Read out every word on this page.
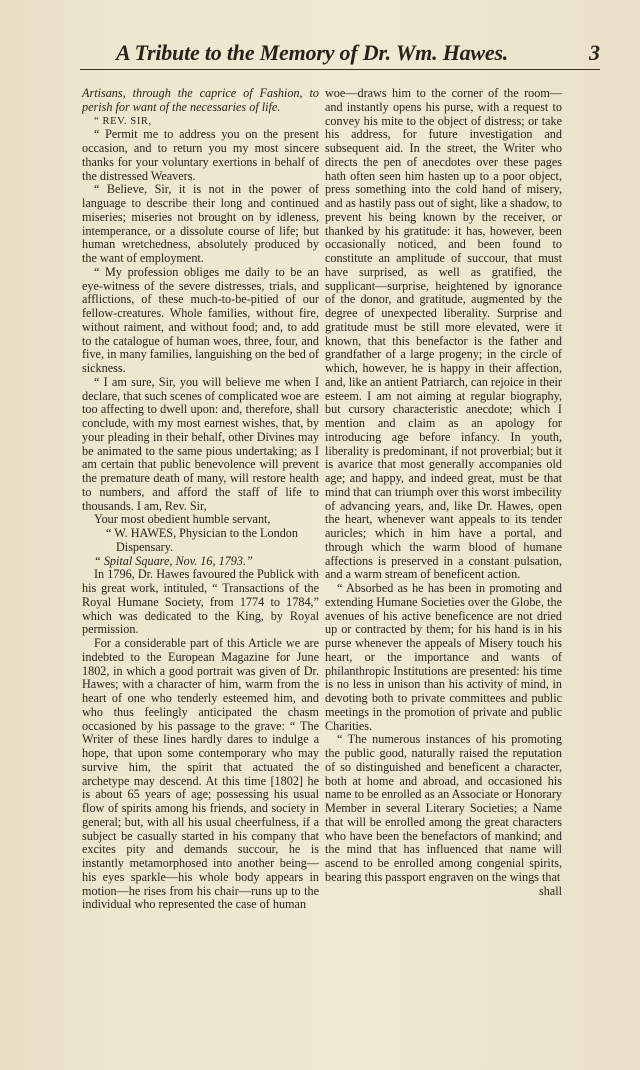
A Tribute to the Memory of Dr. Wm. Hawes.	3

Artisans, through the caprice of Fashion, to perish for want of the necessaries of life.

“ REV. SIR,

“ Permit me to address you on the present occasion, and to return you my most sincere thanks for your voluntary exertions in behalf of the distressed Weavers.

“ Believe, Sir, it is not in the power of language to describe their long and continued miseries; miseries not brought on by idleness, intemperance, or a dissolute course of life; but human wretchedness, absolutely produced by the want of employment.

“ My profession obliges me daily to be an eye-witness of the severe distresses, trials, and afflictions, of these much-to-be-pitied of our fellow-creatures. Whole families, without fire, without raiment, and without food; and, to add to the catalogue of human woes, three, four, and five, in many families, languishing on the bed of sickness.

“ I am sure, Sir, you will believe me when I declare, that such scenes of complicated woe are too affecting to dwell upon: and, therefore, shall conclude, with my most earnest wishes, that, by your pleading in their behalf, other Divines may be animated to the same pious undertaking; as I am certain that public benevolence will prevent the premature death of many, will restore health to numbers, and afford the staff of life to thousands. I am, Rev. Sir,

Your most obedient humble servant,

“ W. HAWES, Physician to the London Dispensary.

“ Spital Square, Nov. 16, 1793.”

In 1796, Dr. Hawes favoured the Publick with his great work, intituled, “ Transactions of the Royal Humane Society, from 1774 to 1784,” which was dedicated to the King, by Royal permission.

For a considerable part of this Article we are indebted to the European Magazine for June 1802, in which a good portrait was given of Dr. Hawes; with a character of him, warm from the heart of one who tenderly esteemed him, and who thus feelingly anticipated the chasm occasioned by his passage to the grave: “ The Writer of these lines hardly dares to indulge a hope, that upon some contemporary who may survive him, the spirit that actuated the archetype may descend. At this time [1802] he is about 65 years of age; possessing his usual flow of spirits among his friends, and society in general; but, with all his usual cheerfulness, if a subject be casually started in his company that excites pity and demands succour, he is instantly metamorphosed into another being—his eyes sparkle—his whole body appears in motion—he rises from his chair—runs up to the individual who represented the case of human

woe—draws him to the corner of the room—and instantly opens his purse, with a request to convey his mite to the object of distress; or take his address, for future investigation and subsequent aid. In the street, the Writer who directs the pen of anecdotes over these pages hath often seen him hasten up to a poor object, press something into the cold hand of misery, and as hastily pass out of sight, like a shadow, to prevent his being known by the receiver, or thanked by his gratitude: it has, however, been occasionally noticed, and been found to constitute an amplitude of succour, that must have surprised, as well as gratified, the supplicant—surprise, heightened by ignorance of the donor, and gratitude, augmented by the degree of unexpected liberality. Surprise and gratitude must be still more elevated, were it known, that this benefactor is the father and grandfather of a large progeny; in the circle of which, however, he is happy in their affection, and, like an antient Patriarch, can rejoice in their esteem. I am not aiming at regular biography, but cursory characteristic anecdote; which I mention and claim as an apology for introducing age before infancy. In youth, liberality is predominant, if not proverbial; but it is avarice that most generally accompanies old age; and happy, and indeed great, must be that mind that can triumph over this worst imbecility of advancing years, and, like Dr. Hawes, open the heart, whenever want appeals to its tender auricles; which in him have a portal, and through which the warm blood of humane affections is preserved in a constant pulsation, and a warm stream of beneficent action.

“ Absorbed as he has been in promoting and extending Humane Societies over the Globe, the avenues of his active beneficence are not dried up or contracted by them; for his hand is in his purse whenever the appeals of Misery touch his heart, or the importance and wants of philanthropic Institutions are presented: his time is no less in unison than his activity of mind, in devoting both to private committees and public meetings in the promotion of private and public Charities.

“ The numerous instances of his promoting the public good, naturally raised the reputation of so distinguished and beneficent a character, both at home and abroad, and occasioned his name to be enrolled as an Associate or Honorary Member in several Literary Societies; a Name that will be enrolled among the great characters who have been the benefactors of mankind; and the mind that has influenced that name will ascend to be enrolled among congenial spirits, bearing this passport engraven on the wings that

shall
